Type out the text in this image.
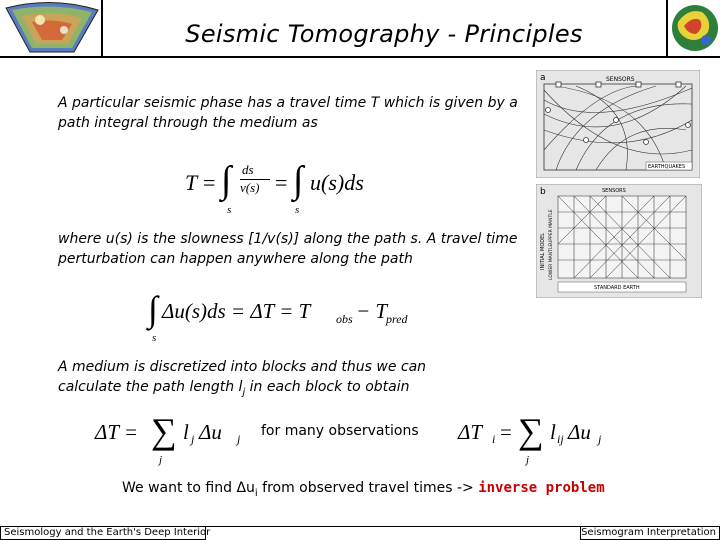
Seismic Tomography - Principles
A particular seismic phase has a travel time T which is given by a path integral through the medium as
T = ∫ ds
v(s) = ∫ u(s)ds
s	s
where u(s) is the slowness [1/v(s)] along the path s. A travel time perturbation can happen anywhere along the path
∫ Δu(s)ds = ΔT = T obs − T
pred
s
A medium is discretized into blocks and thus we can
calculate the path length $l_j$ in each block to obtain
ΔT = ∑ l j Δu j
j
for many observations	ΔT i = ∑ l ij Δu j
j
We want to find $\Delta u_i$ from observed travel times -> inverse problem
a	SENSORS
EARTHQUAKES
b	SENSORS
INITIAL MODEL
UPPER MANTLE
LOWER MANTLE
STANDARD EARTH
Seismology and the Earth's Deep Interior	Seismogram Interpretation
